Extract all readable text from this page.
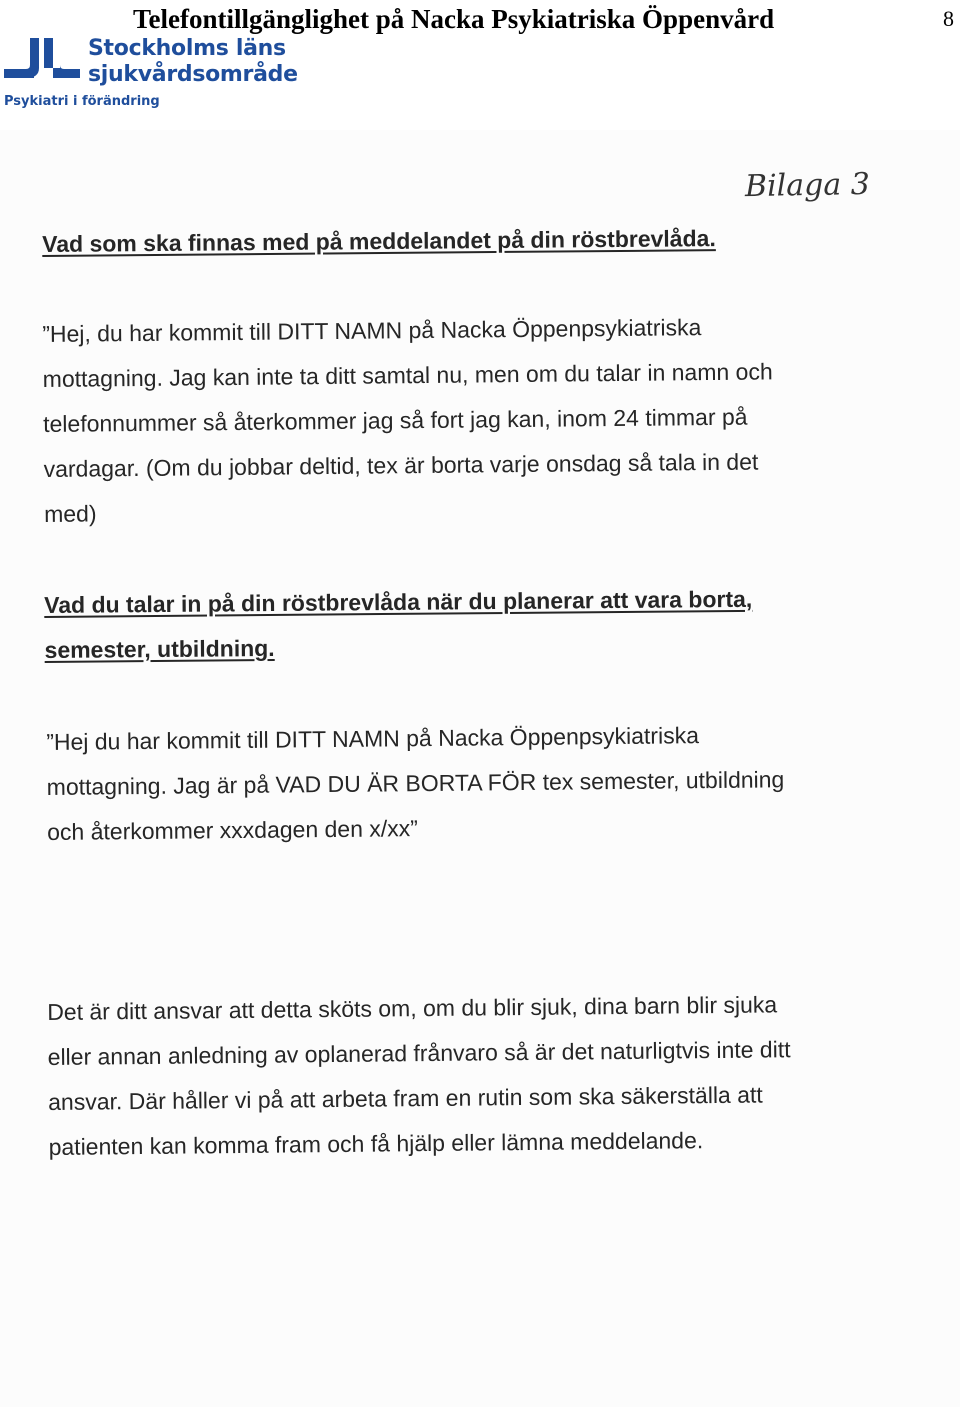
Telefontillgänglighet på Nacka Psykiatriska Öppenvård	8
Stockholms läns
sjukvårdsområde
Psykiatri i förändring
Bilaga 3
Vad som ska finnas med på meddelandet på din röstbrevlåda.
”Hej, du har kommit till DITT NAMN på Nacka Öppenpsykiatriska
mottagning. Jag kan inte ta ditt samtal nu, men om du talar in namn och
telefonnummer så återkommer jag så fort jag kan, inom 24 timmar på
vardagar. (Om du jobbar deltid, tex är borta varje onsdag så tala in det
med)
Vad du talar in på din röstbrevlåda när du planerar att vara borta,
semester, utbildning.
”Hej du har kommit till DITT NAMN på Nacka Öppenpsykiatriska
mottagning. Jag är på VAD DU ÄR BORTA FÖR tex semester, utbildning
och återkommer xxxdagen den x/xx”
Det är ditt ansvar att detta sköts om, om du blir sjuk, dina barn blir sjuka
eller annan anledning av oplanerad frånvaro så är det naturligtvis inte ditt
ansvar. Där håller vi på att arbeta fram en rutin som ska säkerställa att
patienten kan komma fram och få hjälp eller lämna meddelande.
